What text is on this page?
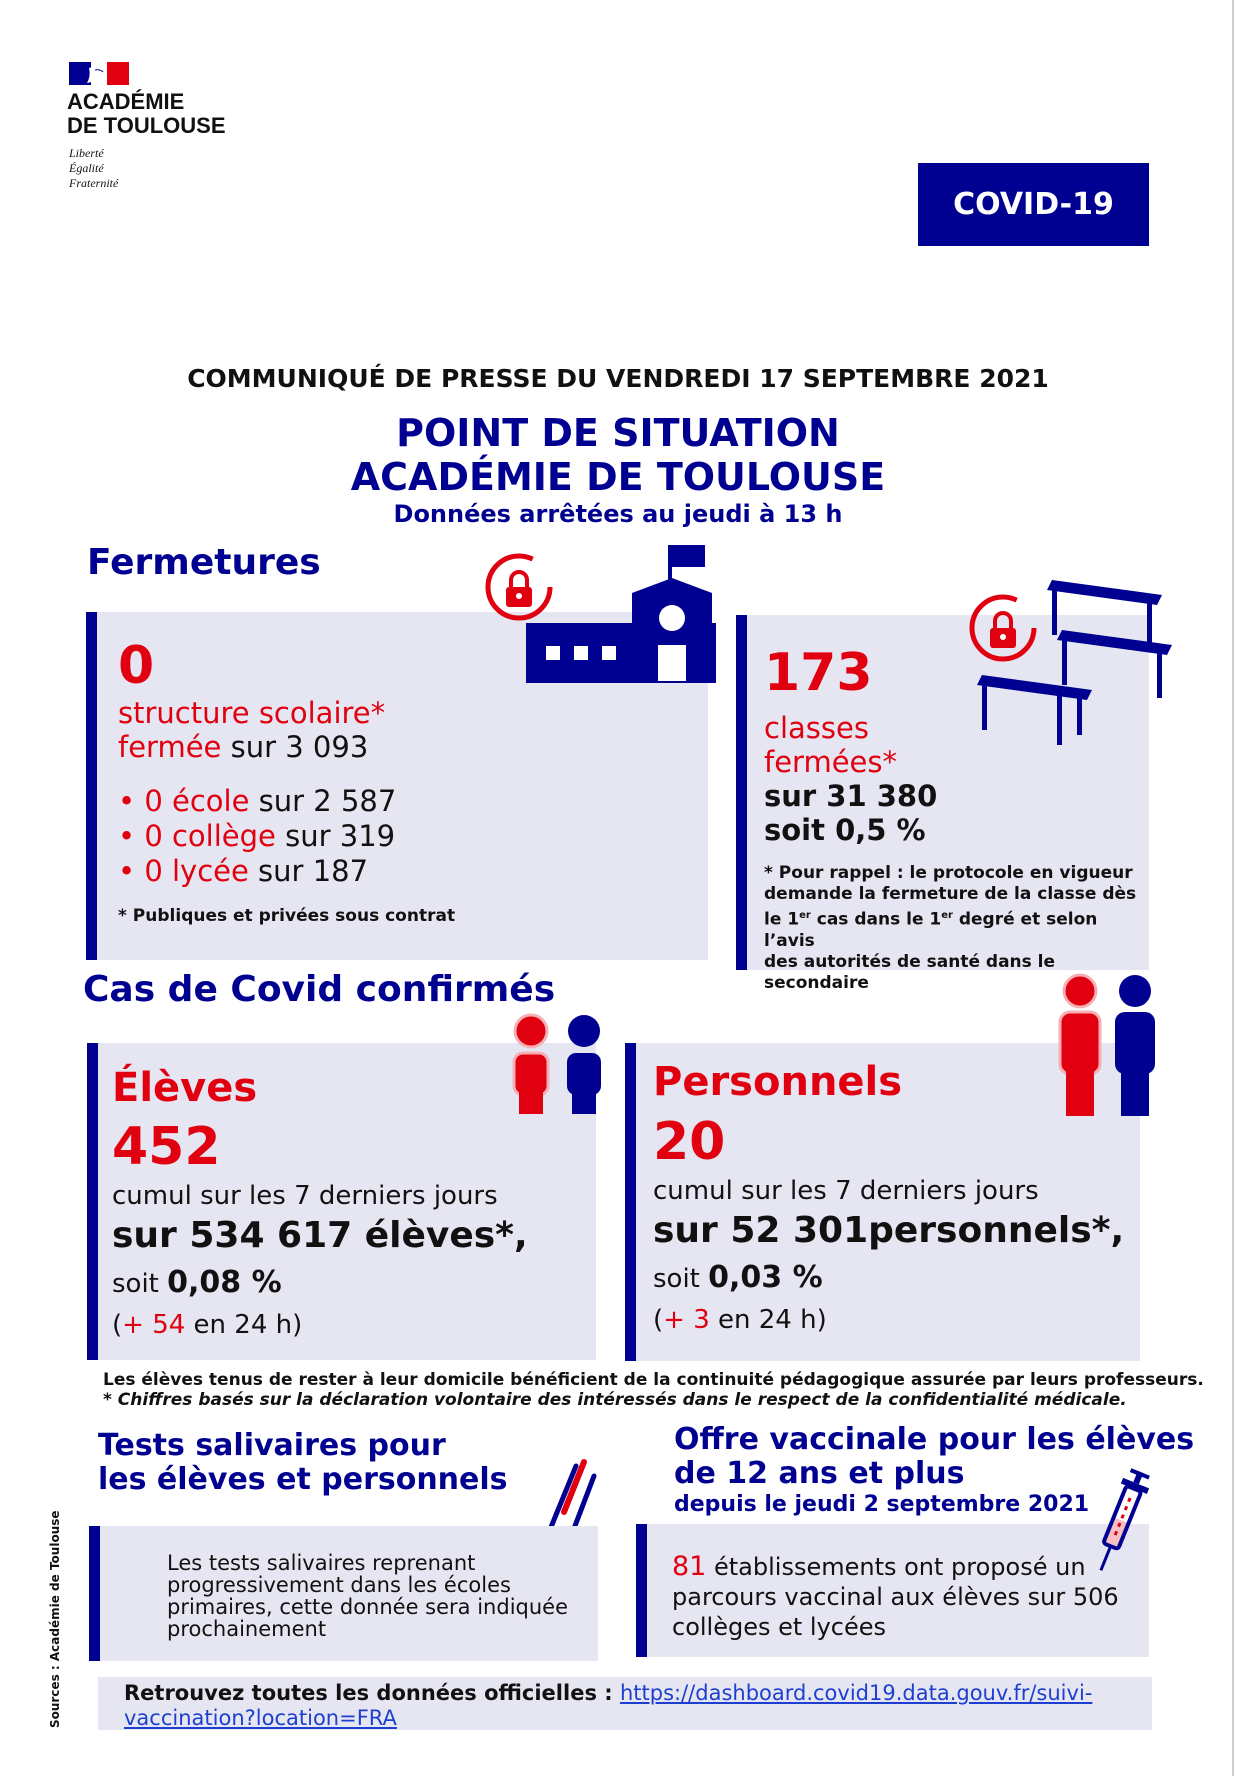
ACADÉMIE
DE TOULOUSE
Liberté
Égalité
Fraternité
COVID-19
COMMUNIQUÉ DE PRESSE DU VENDREDI 17 SEPTEMBRE 2021
POINT DE SITUATION
ACADÉMIE DE TOULOUSE
Données arrêtées au jeudi à 13 h
Fermetures
0
structure scolaire*
fermée sur 3 093
• 0 école sur 2 587
• 0 collège sur 319
• 0 lycée sur 187
* Publiques et privées sous contrat
173
classes
fermées*
sur 31 380
soit 0,5 %
* Pour rappel : le protocole en vigueur
demande la fermeture de la classe dès
le 1er cas dans le 1er degré et selon l’avis
des autorités de santé dans le
secondaire
Cas de Covid confirmés
Élèves
452
cumul sur les 7 derniers jours
sur 534 617 élèves*,
soit 0,08 %
(+ 54 en 24 h)
Personnels
20
cumul sur les 7 derniers jours
sur 52 301personnels*,
soit 0,03 %
(+ 3 en 24 h)
Les élèves tenus de rester à leur domicile bénéficient de la continuité pédagogique assurée par leurs professeurs.
* Chiffres basés sur la déclaration volontaire des intéressés dans le respect de la confidentialité médicale.
Tests salivaires pour
les élèves et personnels
Les tests salivaires reprenant
progressivement dans les écoles
primaires, cette donnée sera indiquée
prochainement
Offre vaccinale pour les élèves
de 12 ans et plus
depuis le jeudi 2 septembre 2021
81 établissements ont proposé un
parcours vaccinal aux élèves sur 506
collèges et lycées
Retrouvez toutes les données officielles : https://dashboard.covid19.data.gouv.fr/suivi-
vaccination?location=FRA
Sources : Académie de Toulouse
